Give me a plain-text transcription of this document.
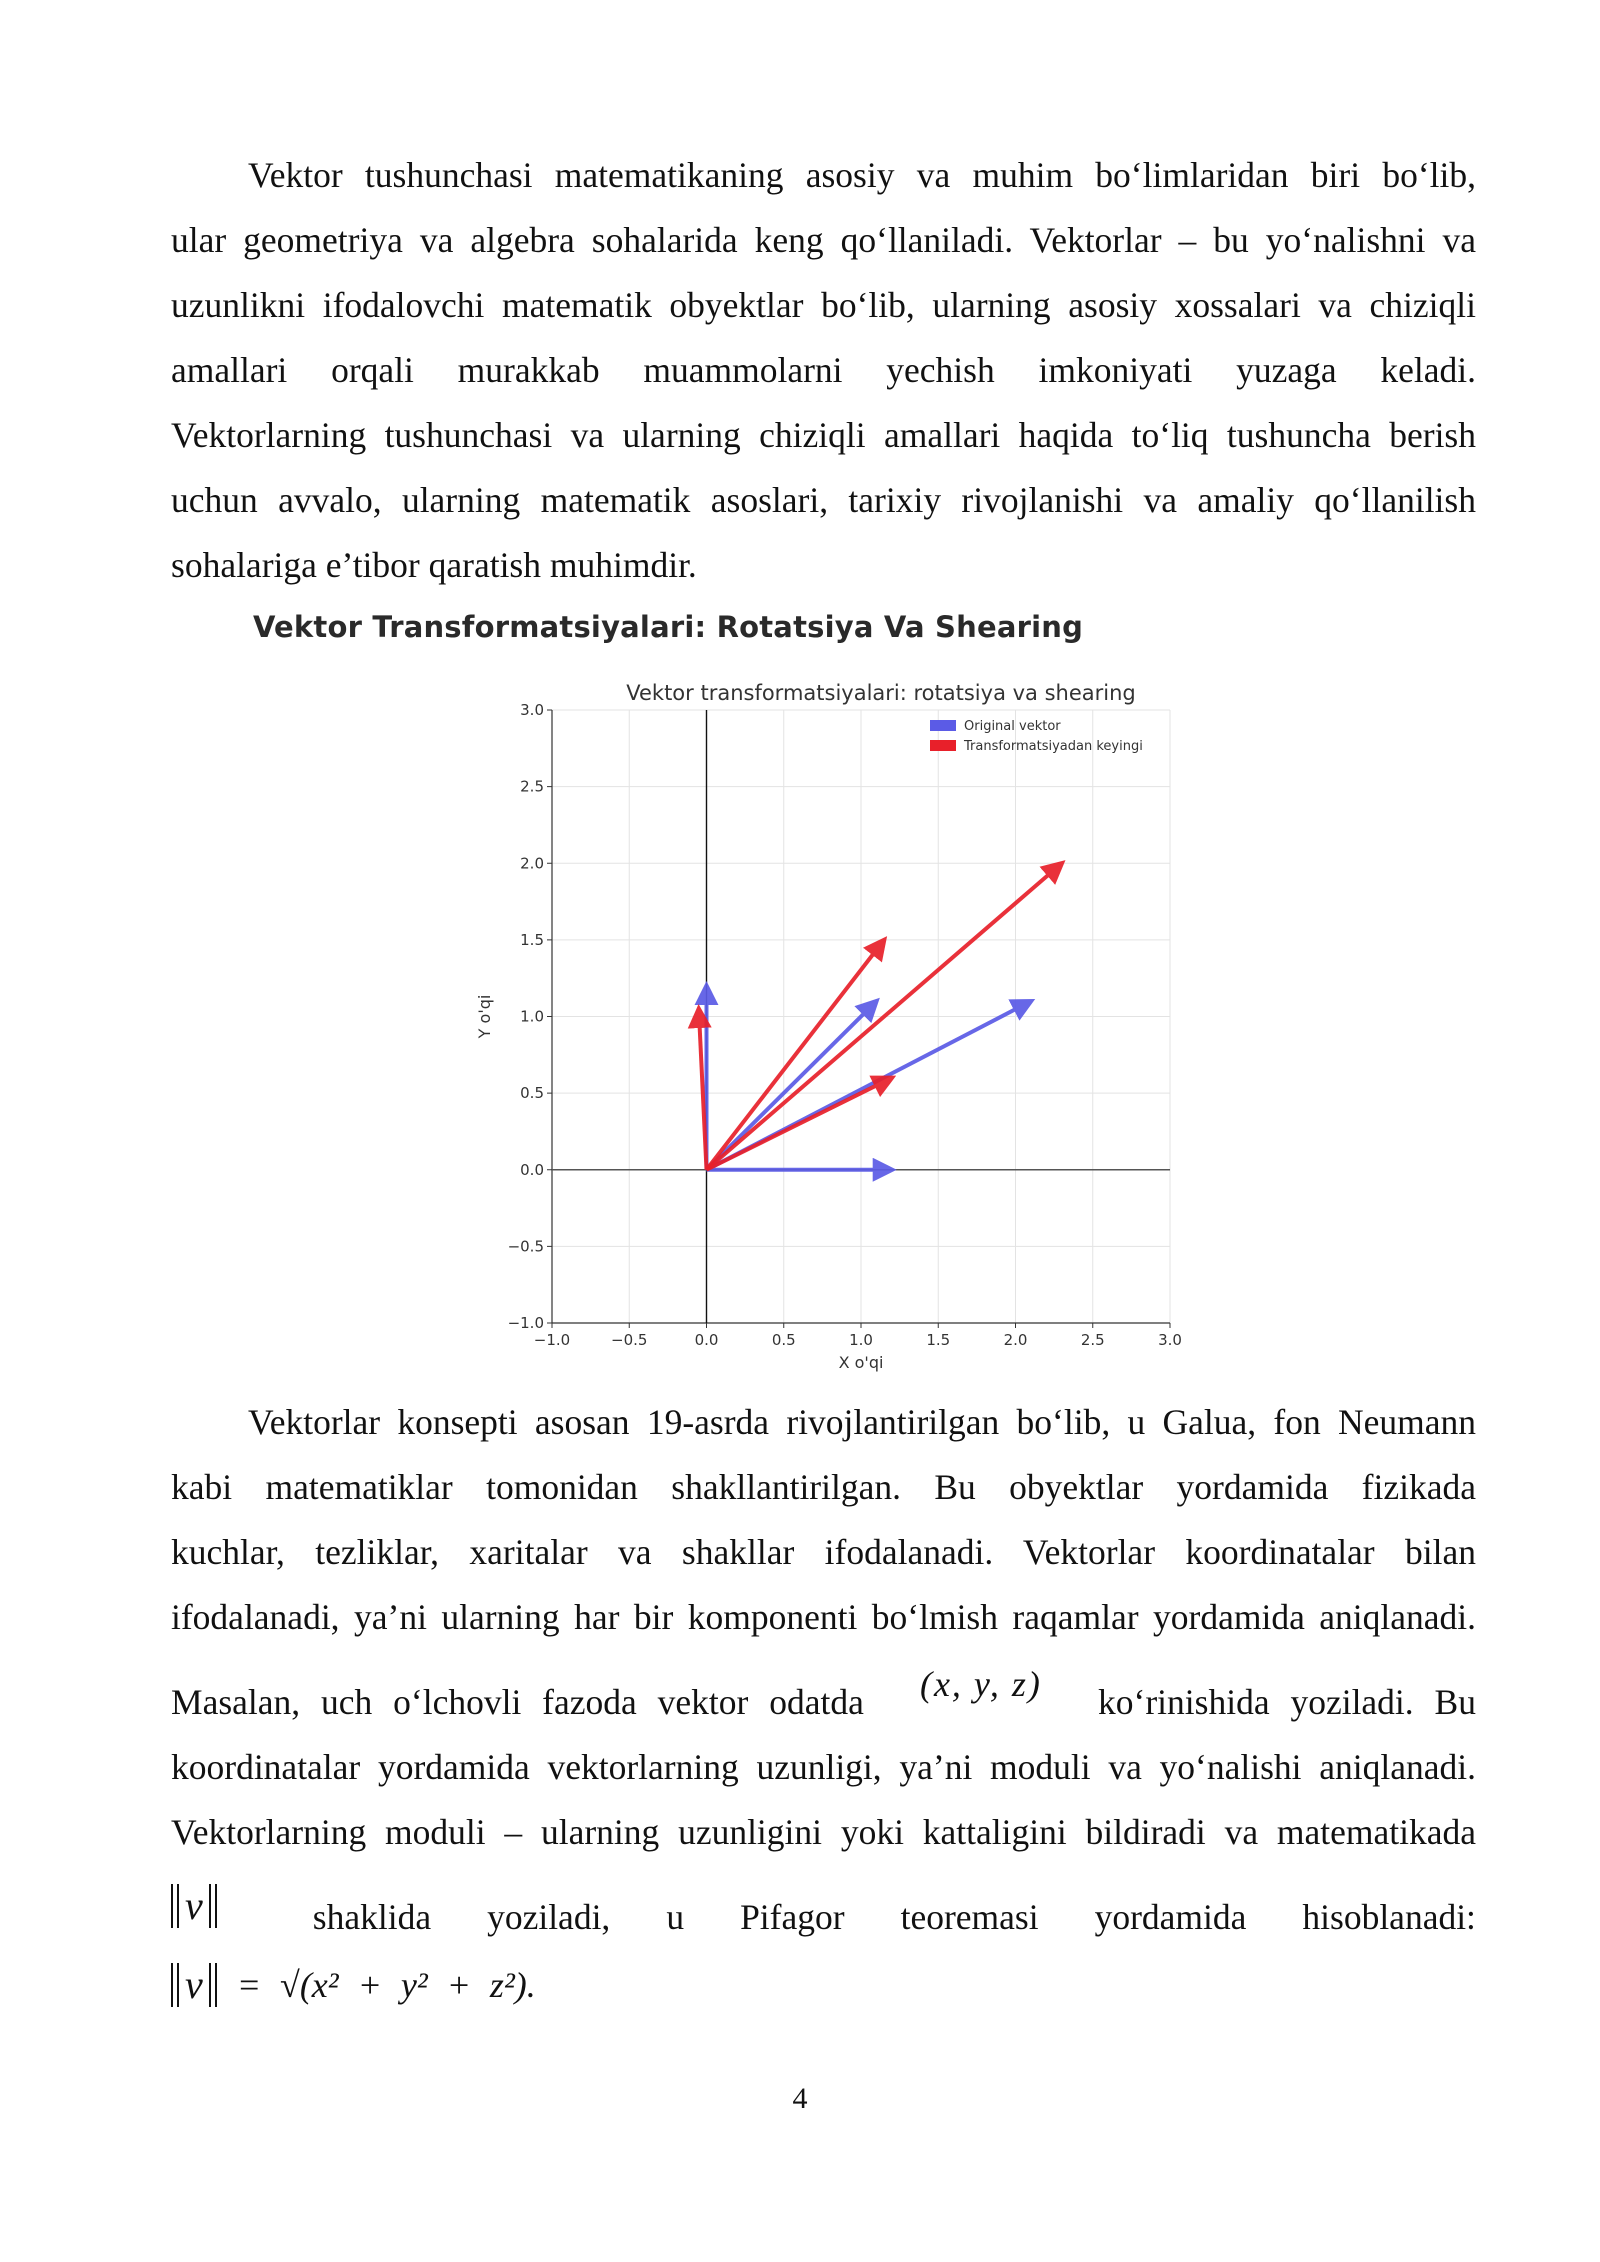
Vektor tushunchasi matematikaning asosiy va muhim bo‘limlaridan biri bo‘lib,
ular geometriya va algebra sohalarida keng qo‘llaniladi. Vektorlar – bu yo‘nalishni va
uzunlikni ifodalovchi matematik obyektlar bo‘lib, ularning asosiy xossalari va chiziqli
amallari orqali murakkab muammolarni yechish imkoniyati yuzaga keladi.
Vektorlarning tushunchasi va ularning chiziqli amallari haqida to‘liq tushuncha berish
uchun avvalo, ularning matematik asoslari, tarixiy rivojlanishi va amaliy qo‘llanilish
sohalariga e’tibor qaratish muhimdir.
Vektor Transformatsiyalari: Rotatsiya Va Shearing
−1.0	−0.5	0.0	0.5	1.0	1.5	2.0	2.5	3.0
−1.0
−0.5
0.0
0.5
1.0
1.5
2.0
2.5
3.0
Vektor transformatsiyalari: rotatsiya va shearing
X o'qi
Y o'qi
Original vektor
Transformatsiyadan keyingi
Vektorlar konsepti asosan 19-asrda rivojlantirilgan bo‘lib, u Galua, fon Neumann
kabi matematiklar tomonidan shakllantirilgan. Bu obyektlar yordamida fizikada
kuchlar, tezliklar, xaritalar va shakllar ifodalanadi. Vektorlar koordinatalar bilan
ifodalanadi, ya’ni ularning har bir komponenti bo‘lmish raqamlar yordamida aniqlanadi.
Masalan, uch o‘lchovli fazoda vektor odatda (x, y, z) ko‘rinishida yoziladi. Bu
koordinatalar yordamida vektorlarning uzunligi, ya’ni moduli va yo‘nalishi aniqlanadi.
Vektorlarning moduli – ularning uzunligini yoki kattaligini bildiradi va matematikada
v	shaklida yoziladi, u Pifagor teoremasi yordamida hisoblanadi:
v = √(x² + y² + z²).
4
